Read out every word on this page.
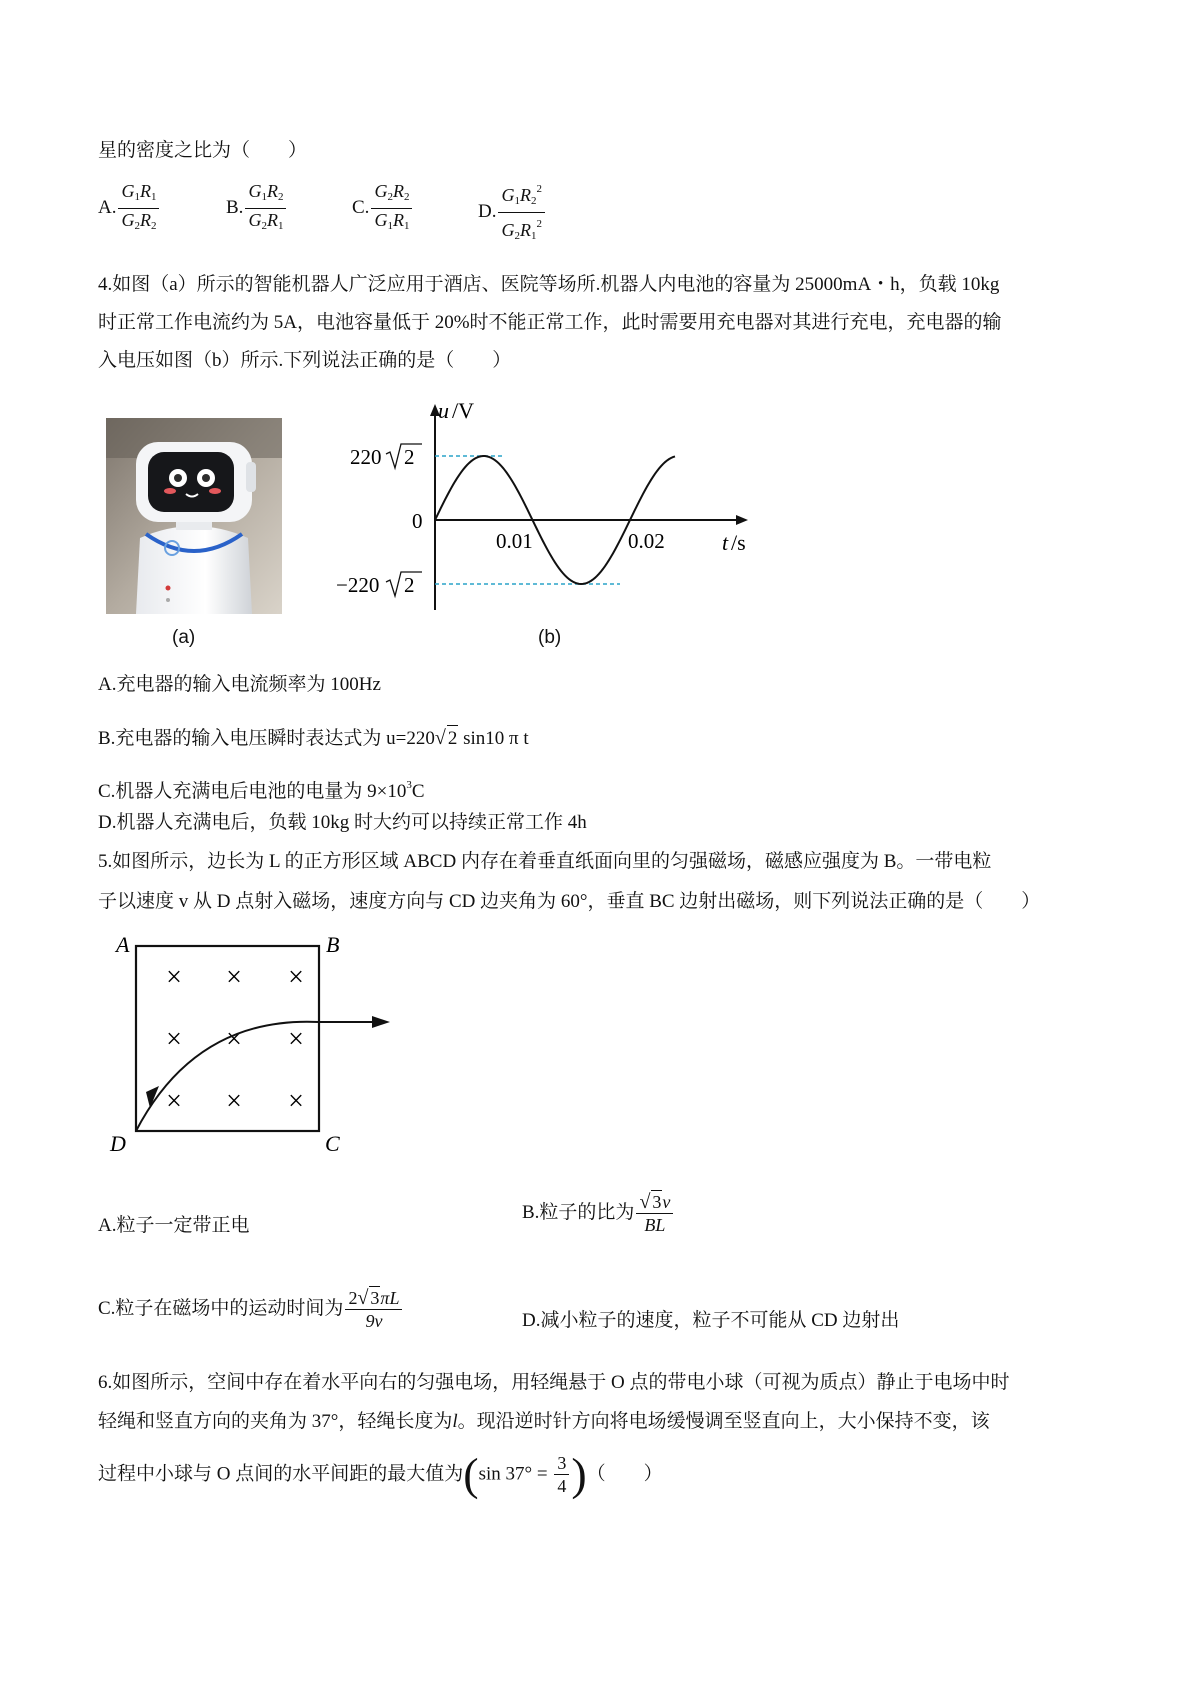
星的密度之比为（　　）
A. $\frac{G_1R_1}{G_2R_2}$	B. $\frac{G_1R_2}{G_2R_1}$	C. $\frac{G_2R_2}{G_1R_1}$	D. $\frac{G_1R_2^2}{G_2R_1^2}$
4.如图（a）所示的智能机器人广泛应用于酒店、医院等场所.机器人内电池的容量为 25000mA・h，负载 10kg
时正常工作电流约为 5A，电池容量低于 20%时不能正常工作，此时需要用充电器对其进行充电，充电器的输
入电压如图（b）所示.下列说法正确的是（　　）
(a)
u /V
t /s
220 2
0
−220 2
0.01	0.02
(b)
A.充电器的输入电流频率为 100Hz
B.充电器的输入电压瞬时表达式为 u=220√ 2 sin10 π t
C.机器人充满电后电池的电量为 $9\times 10^3C$
D.机器人充满电后，负载 10kg 时大约可以持续正常工作 4h
5.如图所示，边长为 L 的正方形区域 ABCD 内存在着垂直纸面向里的匀强磁场，磁感应强度为 B。一带电粒
子以速度 v 从 D 点射入磁场，速度方向与 CD 边夹角为 60°，垂直 BC 边射出磁场，则下列说法正确的是（　　）
A	B
C
D
× × ×
× × ×
× × ×
A.粒子一定带正电
B.粒子的比为 $\frac{√ 3v}{BL}$
C.粒子在磁场中的运动时间为 $\frac{2√ 3\pi L}{9v}$	D.减小粒子的速度，粒子不可能从 CD 边射出
6.如图所示，空间中存在着水平向右的匀强电场，用轻绳悬于 O 点的带电小球（可视为质点）静止于电场中时
轻绳和竖直方向的夹角为 37°，轻绳长度为l。现沿逆时针方向将电场缓慢调至竖直向上，大小保持不变，该
过程中小球与 O 点间的水平间距的最大值为(sin $37^\circ = \frac{3}{4}$ )（　　）
